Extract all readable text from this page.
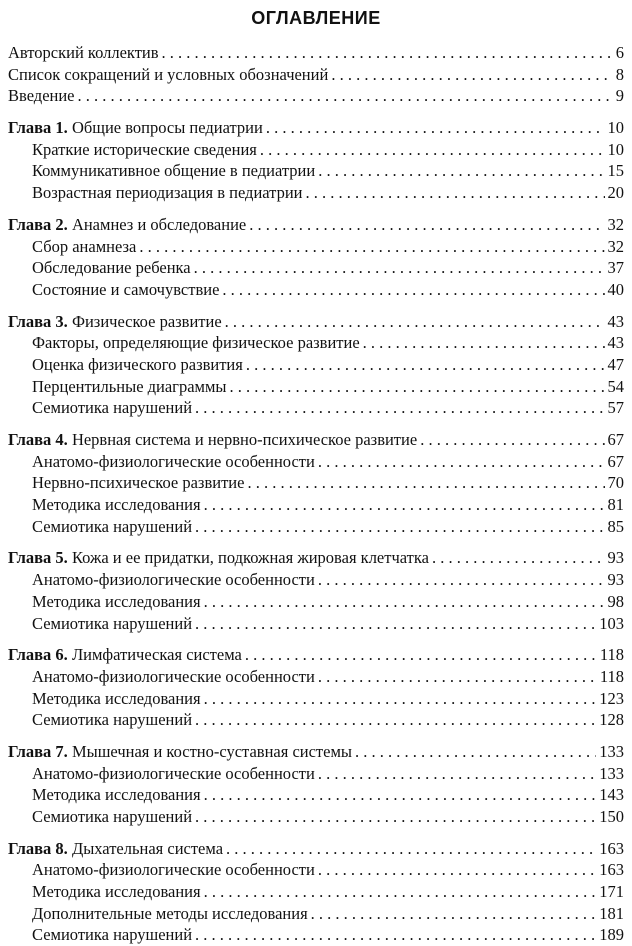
ОГЛАВЛЕНИЕ
Авторский коллектив . . .	6
Список сокращений и условных обозначений . . .	8
Введение . . .	9
Глава 1. Общие вопросы педиатрии . . .	10
Краткие исторические сведения . . .	10
Коммуникативное общение в педиатрии . . .	15
Возрастная периодизация в педиатрии . . .	20
Глава 2. Анамнез и обследование . . .	32
Сбор анамнеза . . .	32
Обследование ребенка . . .	37
Состояние и самочувствие . . .	40
Глава 3. Физическое развитие . . .	43
Факторы, определяющие физическое развитие . . .	43
Оценка физического развития . . .	47
Перцентильные диаграммы . . .	54
Семиотика нарушений . . .	57
Глава 4. Нервная система и нервно-психическое развитие . . .	67
Анатомо-физиологические особенности . . .	67
Нервно-психическое развитие . . .	70
Методика исследования . . .	81
Семиотика нарушений . . .	85
Глава 5. Кожа и ее придатки, подкожная жировая клетчатка . . .	93
Анатомо-физиологические особенности . . .	93
Методика исследования . . .	98
Семиотика нарушений . . .	103
Глава 6. Лимфатическая система . . .	118
Анатомо-физиологические особенности . . .	118
Методика исследования . . .	123
Семиотика нарушений . . .	128
Глава 7. Мышечная и костно-суставная системы . . .	133
Анатомо-физиологические особенности . . .	133
Методика исследования . . .	143
Семиотика нарушений . . .	150
Глава 8. Дыхательная система . . .	163
Анатомо-физиологические особенности . . .	163
Методика исследования . . .	171
Дополнительные методы исследования . . .	181
Семиотика нарушений . . .	189
